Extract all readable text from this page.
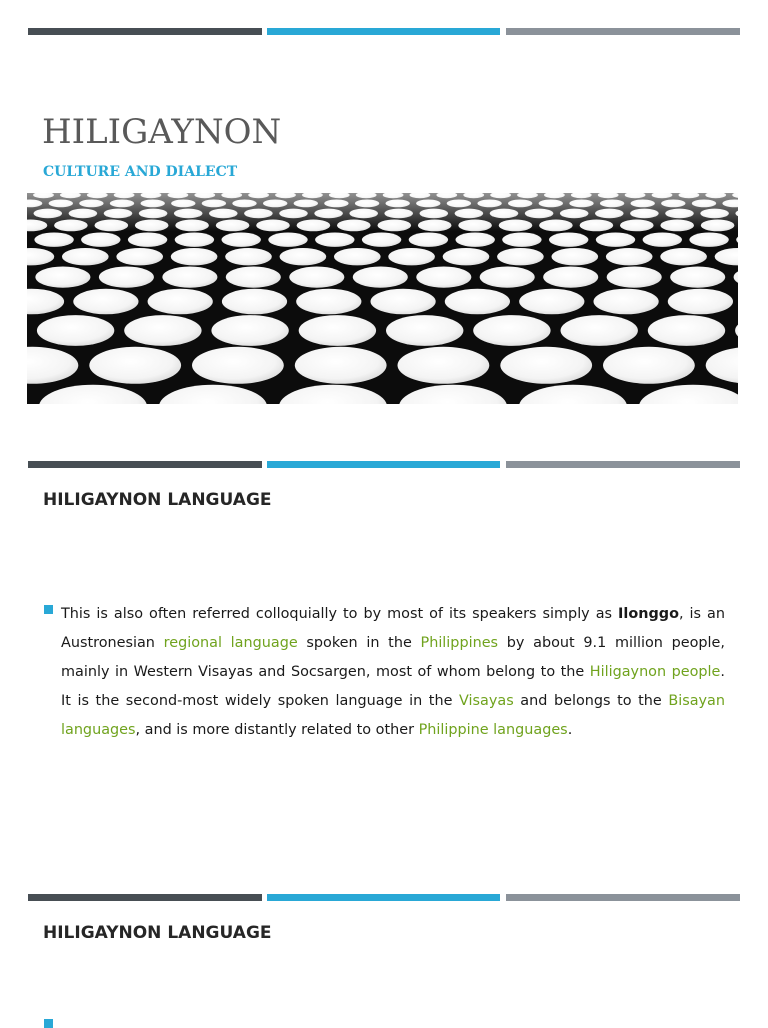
HILIGAYNON
CULTURE AND DIALECT
HILIGAYNON LANGUAGE

This is also often referred colloquially to by most of its speakers simply as Ilonggo, is an Austronesian regional language spoken in the Philippines by about 9.1 million people, mainly in Western Visayas and Socsargen, most of whom belong to the Hiligaynon people. It is the second-most widely spoken language in the Visayas and belongs to the Bisayan languages, and is more distantly related to other Philippine languages.

HILIGAYNON LANGUAGE
